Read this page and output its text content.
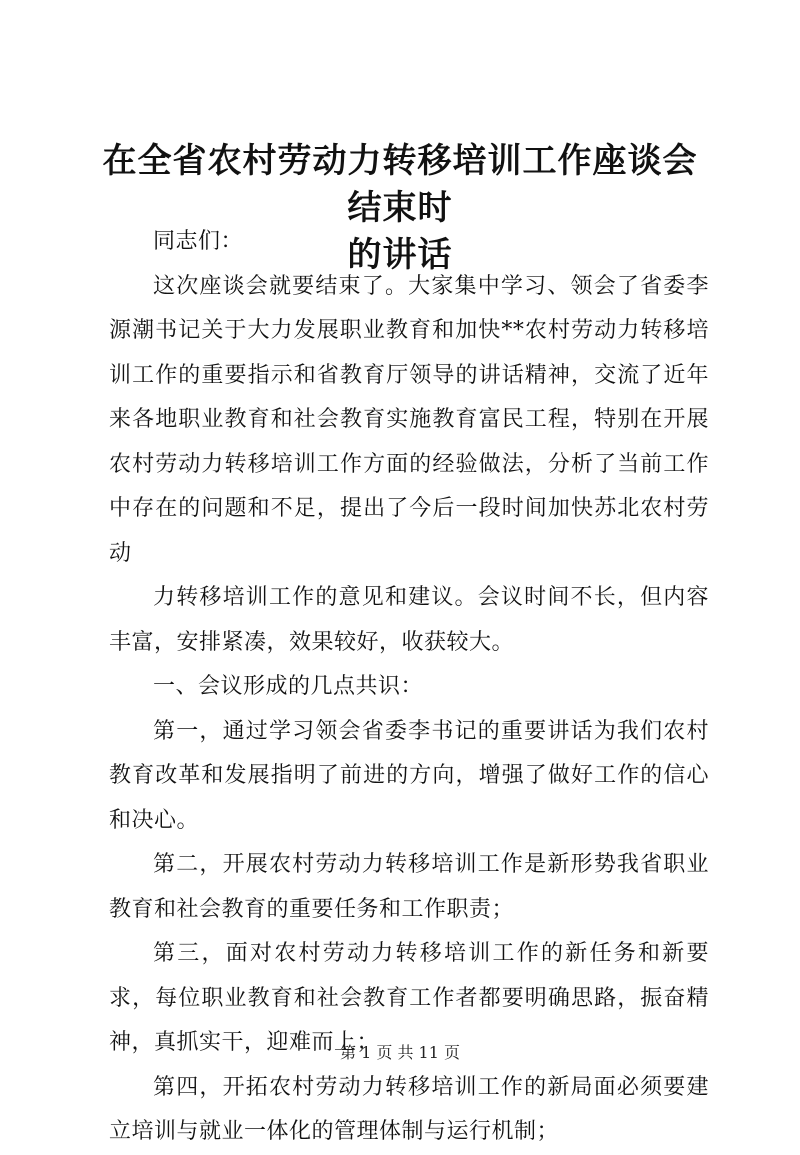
在全省农村劳动力转移培训工作座谈会结束时
的讲话

同志们：

这次座谈会就要结束了。大家集中学习、领会了省委李源潮书记关于大力发展职业教育和加快**农村劳动力转移培训工作的重要指示和省教育厅领导的讲话精神，交流了近年来各地职业教育和社会教育实施教育富民工程，特别在开展农村劳动力转移培训工作方面的经验做法，分析了当前工作中存在的问题和不足，提出了今后一段时间加快苏北农村劳动

力转移培训工作的意见和建议。会议时间不长，但内容丰富，安排紧凑，效果较好，收获较大。

一、会议形成的几点共识：

第一，通过学习领会省委李书记的重要讲话为我们农村教育改革和发展指明了前进的方向，增强了做好工作的信心和决心。

第二，开展农村劳动力转移培训工作是新形势我省职业教育和社会教育的重要任务和工作职责；

第三，面对农村劳动力转移培训工作的新任务和新要求，每位职业教育和社会教育工作者都要明确思路，振奋精神，真抓实干，迎难而上；

第四，开拓农村劳动力转移培训工作的新局面必须要建立培训与就业一体化的管理体制与运行机制；

第 1 页 共 11 页
